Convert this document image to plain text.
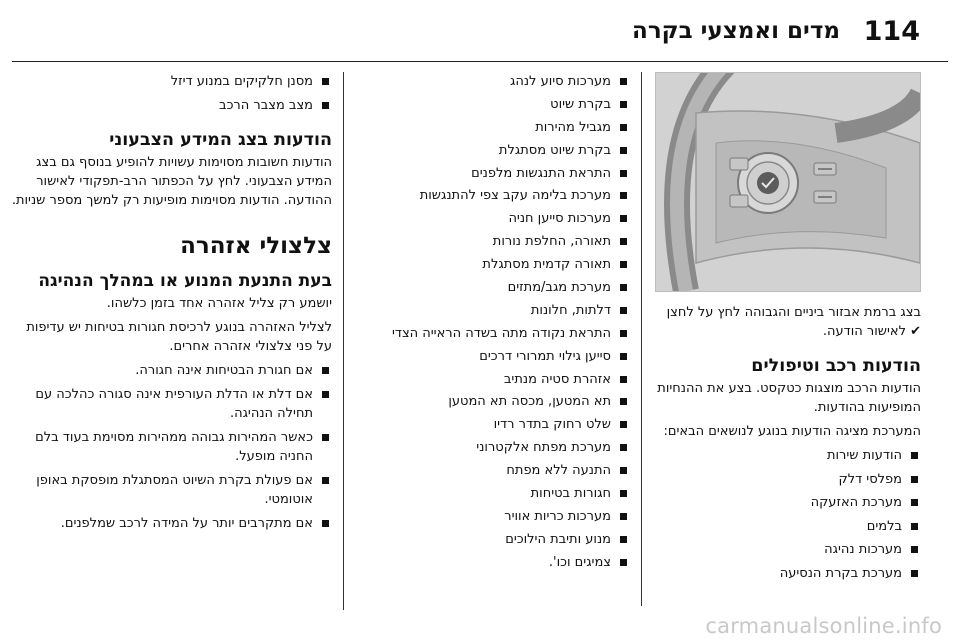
114
מדים ואמצעי בקרה

בצג ברמת אבזור ביניים והגבוהה לחץ על לחצן ✔ לאישור הודעה.

הודעות רכב וטיפולים

הודעות הרכב מוצגות כטקסט. בצע את ההנחיות המופיעות בהודעות.

המערכת מציגה הודעות בנוגע לנושאים הבאים:

הודעות שירות
מפלסי דלק
מערכת האזעקה
בלמים
מערכות נהיגה
מערכת בקרת הנסיעה
מערכות סיוע לנהג
בקרת שיוט
מגביל מהירות
בקרת שיוט מסתגלת
התראת התנגשות מלפנים
מערכת בלימה עקב צפי להתנגשות
מערכות סייען חניה
תאורה, החלפת נורות
תאורה קדמית מסתגלת
מערכת מגב/מתזים
דלתות, חלונות
התראת נקודה מתה בשדה הראייה הצדי
סייען גילוי תמרורי דרכים
אזהרת סטיה מנתיב
תא המטען, מכסה תא המטען
שלט רחוק בתדר רדיו
מערכת מפתח אלקטרוני
התנעה ללא מפתח
חגורות בטיחות
מערכות כריות אוויר
מנוע ותיבת הילוכים
צמיגים וכו'.
מסנן חלקיקים במנוע דיזל
מצב מצבר הרכב
הודעות בצג המידע הצבעוני

הודעות חשובות מסוימות עשויות להופיע בנוסף גם בצג המידע הצבעוני. לחץ על הכפתור הרב-תפקודי לאישור ההודעה. הודעות מסוימות מופיעות רק למשך מספר שניות.

צלצולי אזהרה
בעת התנעת המנוע או במהלך הנהיגה

יושמע רק צליל אזהרה אחד בזמן כלשהו.

לצליל האזהרה בנוגע לרכיסת חגורות בטיחות יש עדיפות על פני צלצולי אזהרה אחרים.

אם חגורת הבטיחות אינה חגורה.
אם דלת או הדלת העורפית אינה סגורה כהלכה עם תחילה הנהיגה.
כאשר המהירות גבוהה ממהירות מסוימת בעוד בלם החניה מופעל.
אם פעולת בקרת השיוט המסתגלת מופסקת באופן אוטומטי.
אם מתקרבים יותר על המידה לרכב שמלפנים.
carmanualsonline.info
